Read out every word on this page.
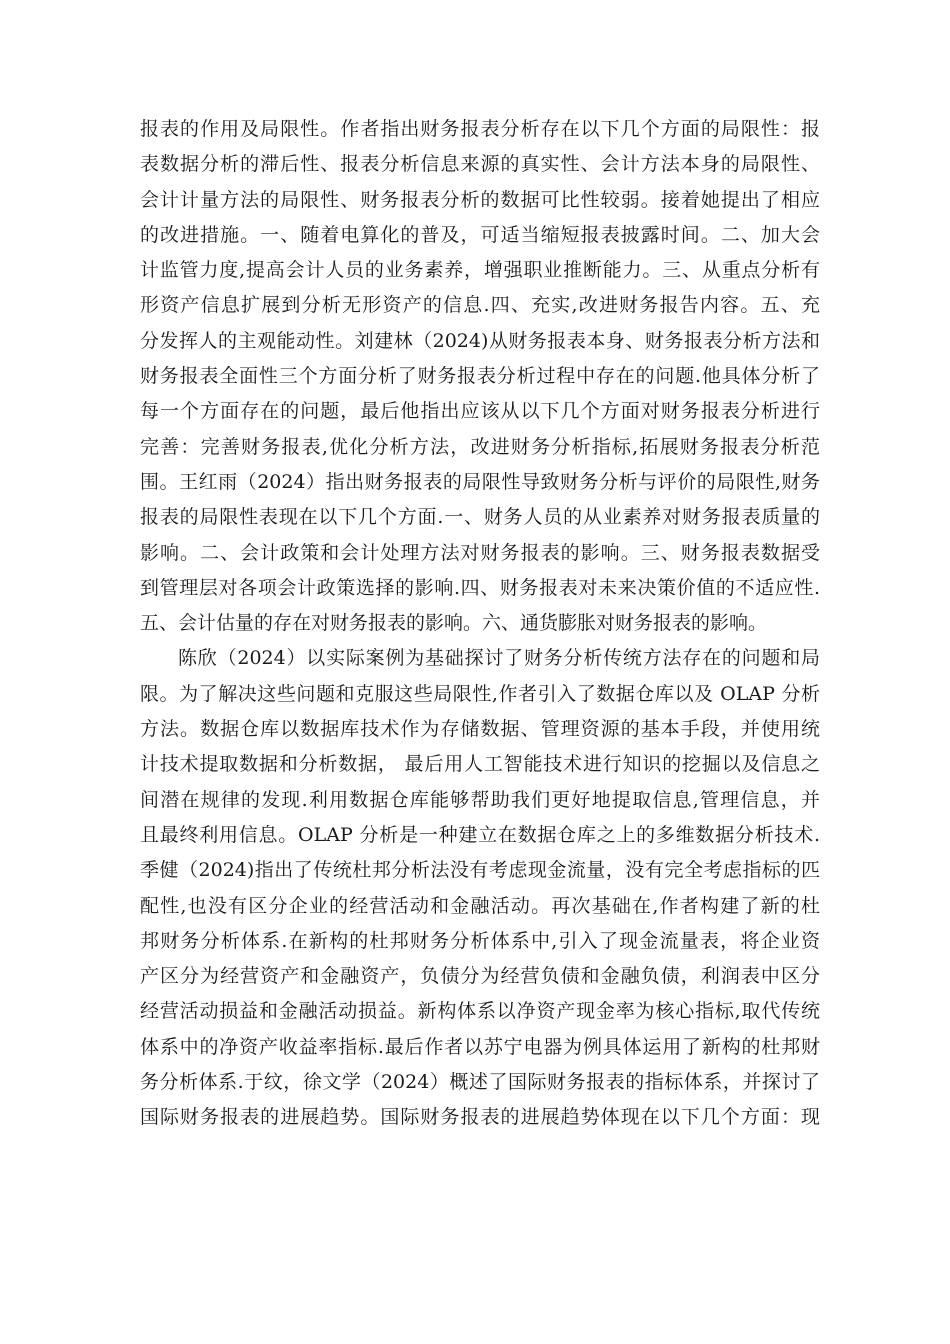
报表的作用及局限性。作者指出财务报表分析存在以下几个方面的局限性：报
表数据分析的滞后性、报表分析信息来源的真实性、会计方法本身的局限性、
会计计量方法的局限性、财务报表分析的数据可比性较弱。接着她提出了相应
的改进措施。一、随着电算化的普及，可适当缩短报表披露时间。二、加大会
计监管力度,提高会计人员的业务素养，增强职业推断能力。三、从重点分析有
形资产信息扩展到分析无形资产的信息.四、充实,改进财务报告内容。五、充
分发挥人的主观能动性。刘建林（2024)从财务报表本身、财务报表分析方法和
财务报表全面性三个方面分析了财务报表分析过程中存在的问题.他具体分析了
每一个方面存在的问题，最后他指出应该从以下几个方面对财务报表分析进行
完善：完善财务报表,优化分析方法，改进财务分析指标,拓展财务报表分析范
围。王红雨（2024）指出财务报表的局限性导致财务分析与评价的局限性,财务
报表的局限性表现在以下几个方面.一、财务人员的从业素养对财务报表质量的
影响。二、会计政策和会计处理方法对财务报表的影响。三、财务报表数据受
到管理层对各项会计政策选择的影响.四、财务报表对未来决策价值的不适应性.
五、会计估量的存在对财务报表的影响。六、通货膨胀对财务报表的影响。
陈欣（2024）以实际案例为基础探讨了财务分析传统方法存在的问题和局
限。为了解决这些问题和克服这些局限性,作者引入了数据仓库以及 OLAP 分析
方法。数据仓库以数据库技术作为存储数据、管理资源的基本手段，并使用统
计技术提取数据和分析数据， 最后用人工智能技术进行知识的挖掘以及信息之
间潜在规律的发现.利用数据仓库能够帮助我们更好地提取信息,管理信息，并
且最终利用信息。OLAP 分析是一种建立在数据仓库之上的多维数据分析技术.
季健（2024)指出了传统杜邦分析法没有考虑现金流量，没有完全考虑指标的匹
配性,也没有区分企业的经营活动和金融活动。再次基础在,作者构建了新的杜
邦财务分析体系.在新构的杜邦财务分析体系中,引入了现金流量表，将企业资
产区分为经营资产和金融资产，负债分为经营负债和金融负债，利润表中区分
经营活动损益和金融活动损益。新构体系以净资产现金率为核心指标,取代传统
体系中的净资产收益率指标.最后作者以苏宁电器为例具体运用了新构的杜邦财
务分析体系.于纹，徐文学（2024）概述了国际财务报表的指标体系，并探讨了
国际财务报表的进展趋势。国际财务报表的进展趋势体现在以下几个方面：现
